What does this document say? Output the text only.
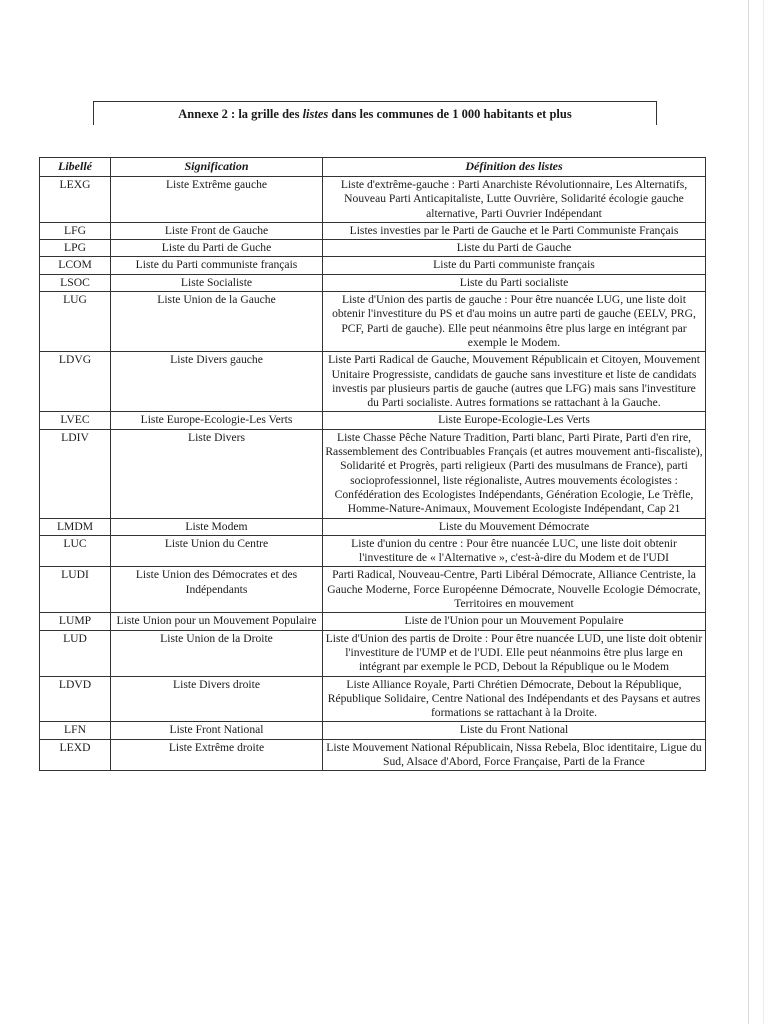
Annexe 2 : la grille des listes dans les communes de 1 000 habitants et plus
Libellé	Signification	Définition des listes
LEXG	Liste Extrême gauche	Liste d'extrême-gauche : Parti Anarchiste Révolutionnaire, Les Alternatifs, Nouveau Parti Anticapitaliste, Lutte Ouvrière, Solidarité écologie gauche alternative, Parti Ouvrier Indépendant
LFG	Liste Front de Gauche	Listes investies par le Parti de Gauche et le Parti Communiste Français
LPG	Liste du Parti de Guche	Liste du Parti de Gauche
LCOM	Liste du Parti communiste français	Liste du Parti communiste français
LSOC	Liste Socialiste	Liste du Parti socialiste
LUG	Liste Union de la Gauche	Liste d'Union des partis de gauche : Pour être nuancée LUG, une liste doit obtenir l'investiture du PS et d'au moins un autre parti de gauche (EELV, PRG, PCF, Parti de gauche). Elle peut néanmoins être plus large en intégrant par exemple le Modem.
LDVG	Liste Divers gauche	Liste Parti Radical de Gauche, Mouvement Républicain et Citoyen, Mouvement Unitaire Progressiste, candidats de gauche sans investiture et liste de candidats investis par plusieurs partis de gauche (autres que LFG) mais sans l'investiture du Parti socialiste. Autres formations se rattachant à la Gauche.
LVEC	Liste Europe-Ecologie-Les Verts	Liste Europe-Ecologie-Les Verts
LDIV	Liste Divers	Liste Chasse Pêche Nature Tradition, Parti blanc, Parti Pirate, Parti d'en rire, Rassemblement des Contribuables Français (et autres mouvement anti-fiscaliste), Solidarité et Progrès, parti religieux (Parti des musulmans de France), parti socioprofessionnel, liste régionaliste, Autres mouvements écologistes : Confédération des Ecologistes Indépendants, Génération Ecologie, Le Trèfle, Homme-Nature-Animaux, Mouvement Ecologiste Indépendant, Cap 21
LMDM	Liste Modem	Liste du Mouvement Démocrate
LUC	Liste Union du Centre	Liste d'union du centre : Pour être nuancée LUC, une liste doit obtenir l'investiture de « l'Alternative », c'est-à-dire du Modem et de l'UDI
LUDI	Liste Union des Démocrates et des Indépendants	Parti Radical, Nouveau-Centre, Parti Libéral Démocrate, Alliance Centriste, la Gauche Moderne, Force Européenne Démocrate, Nouvelle Ecologie Démocrate, Territoires en mouvement
LUMP	Liste Union pour un Mouvement Populaire	Liste de l'Union pour un Mouvement Populaire
LUD	Liste Union de la Droite	Liste d'Union des partis de Droite : Pour être nuancée LUD, une liste doit obtenir l'investiture de l'UMP et de l'UDI. Elle peut néanmoins être plus large en intégrant par exemple le PCD, Debout la République ou le Modem
LDVD	Liste Divers droite	Liste Alliance Royale, Parti Chrétien Démocrate, Debout la République, République Solidaire, Centre National des Indépendants et des Paysans et autres formations se rattachant à la Droite.
LFN	Liste Front National	Liste du Front National
LEXD	Liste Extrême droite	Liste Mouvement National Républicain, Nissa Rebela, Bloc identitaire, Ligue du Sud, Alsace d'Abord, Force Française, Parti de la France
